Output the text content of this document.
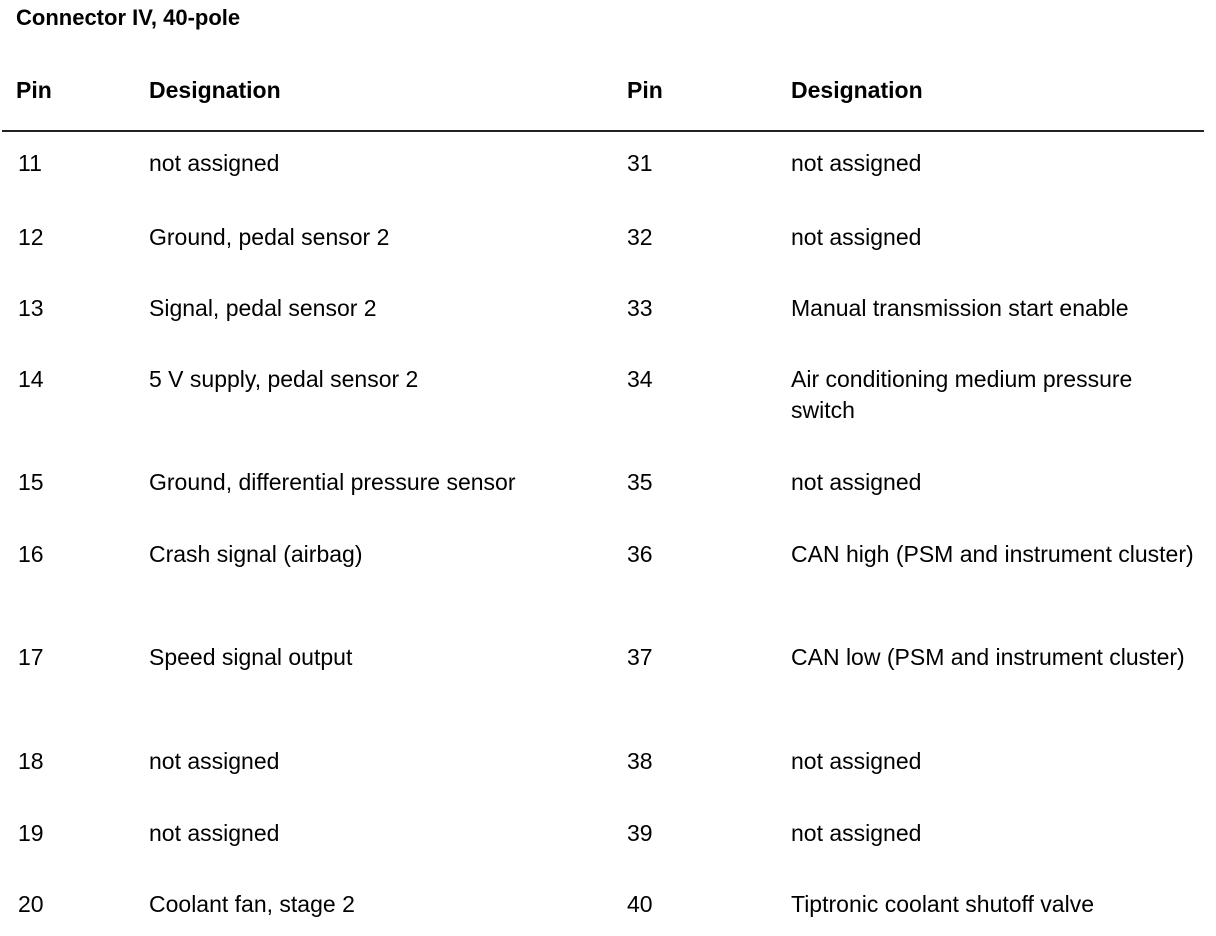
Connector IV, 40-pole
Pin	Designation	Pin	Designation
11	not assigned	31	not assigned
12	Ground, pedal sensor 2	32	not assigned
13	Signal, pedal sensor 2	33	Manual transmission start enable
14	5 V supply, pedal sensor 2	34	Air conditioning medium pressure switch
15	Ground, differential pressure sensor	35	not assigned
16	Crash signal (airbag)	36	CAN high (PSM and instrument cluster)
17	Speed signal output	37	CAN low (PSM and instrument cluster)
18	not assigned	38	not assigned
19	not assigned	39	not assigned
20	Coolant fan, stage 2	40	Tiptronic coolant shutoff valve
